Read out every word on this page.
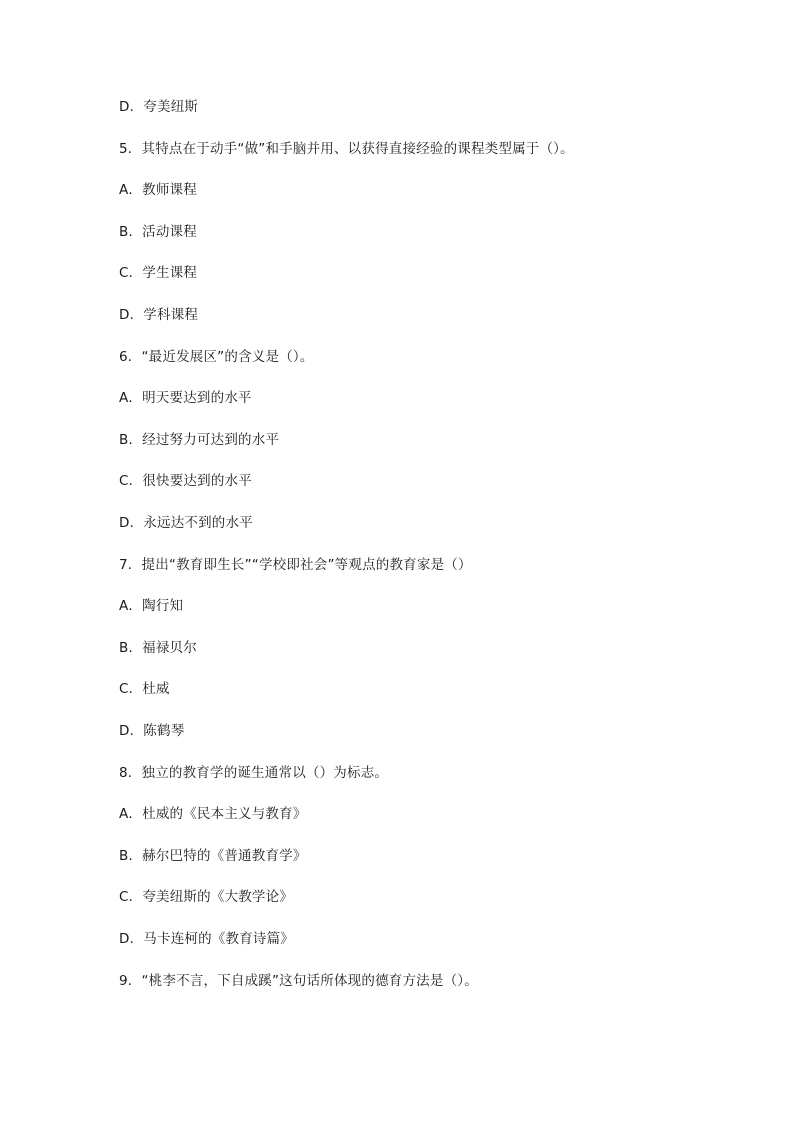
D．夸美纽斯
5．其特点在于动手“做”和手脑并用、以获得直接经验的课程类型属于（）。
A．教师课程
B．活动课程
C．学生课程
D．学科课程
6．“最近发展区”的含义是（）。
A．明天要达到的水平
B．经过努力可达到的水平
C．很快要达到的水平
D．永远达不到的水平
7．提出“教育即生长”“学校即社会”等观点的教育家是（）
A．陶行知
B．福禄贝尔
C．杜威
D．陈鹤琴
8．独立的教育学的诞生通常以（）为标志。
A．杜威的《民本主义与教育》
B．赫尔巴特的《普通教育学》
C．夸美纽斯的《大教学论》
D．马卡连柯的《教育诗篇》
9．“桃李不言，下自成蹊”这句话所体现的德育方法是（）。
